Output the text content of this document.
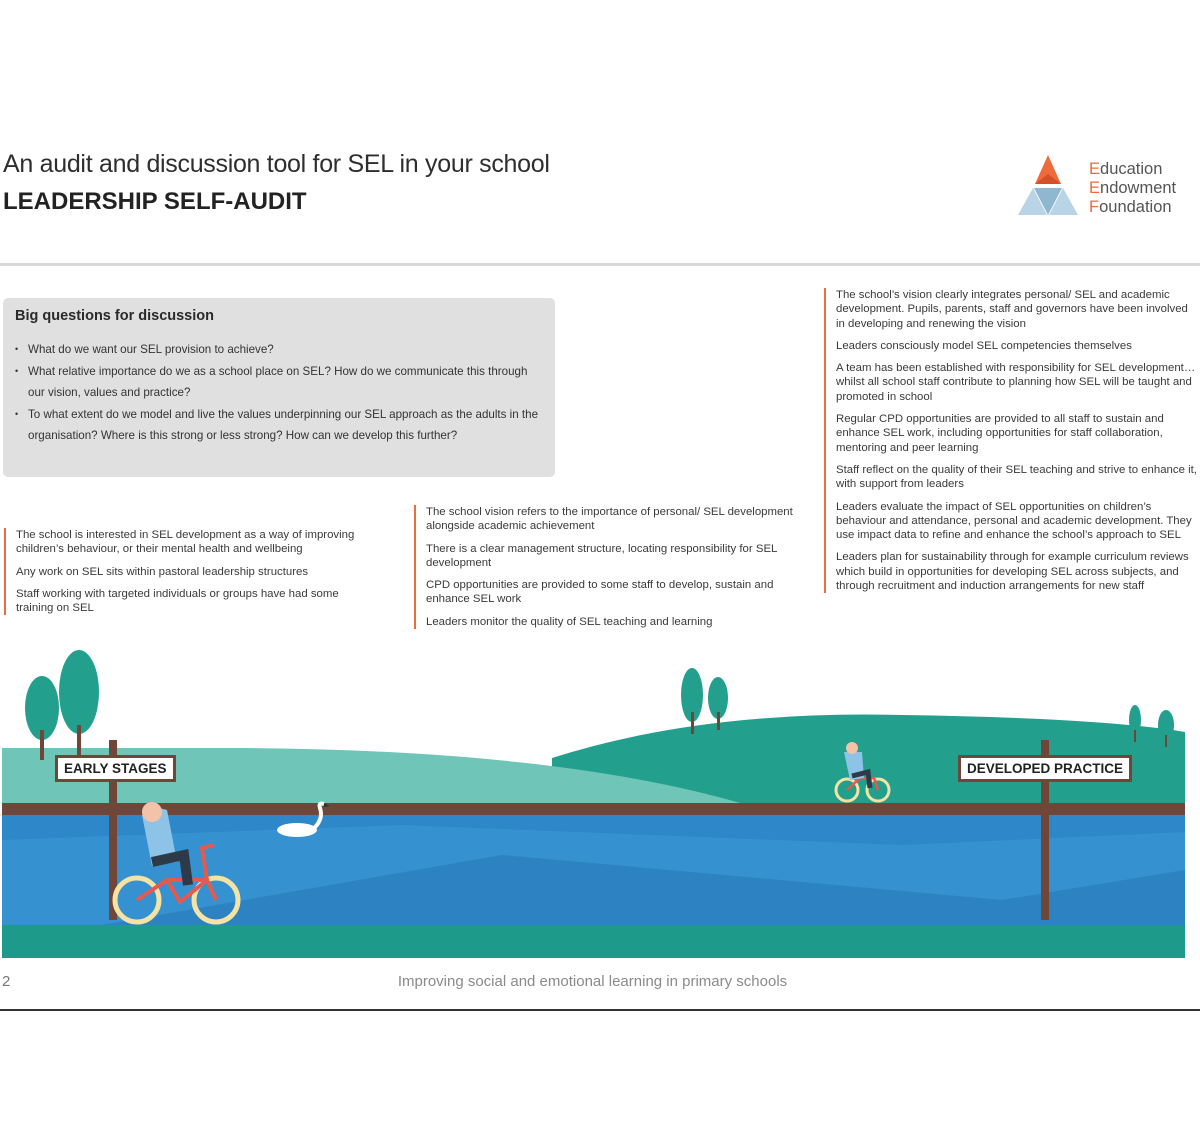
An audit and discussion tool for SEL in your school
LEADERSHIP SELF-AUDIT
Education
Endowment
Foundation
Big questions for discussion
• What do we want our SEL provision to achieve?
• What relative importance do we as a school place on SEL? How do we communicate this through our vision, values and practice?
• To what extent do we model and live the values underpinning our SEL approach as the adults in the organisation? Where is this strong or less strong? How can we develop this further?

The school is interested in SEL development as a way of improving children’s behaviour, or their mental health and wellbeing

Any work on SEL sits within pastoral leadership structures

Staff working with targeted individuals or groups have had some training on SEL

The school vision refers to the importance of personal/ SEL development alongside academic achievement

There is a clear management structure, locating responsibility for SEL development

CPD opportunities are provided to some staff to develop, sustain and enhance SEL work

Leaders monitor the quality of SEL teaching and learning

The school’s vision clearly integrates personal/ SEL and academic development. Pupils, parents, staff and governors have been involved in developing and renewing the vision

Leaders consciously model SEL competencies themselves

A team has been established with responsibility for SEL development… whilst all school staff contribute to planning how SEL will be taught and promoted in school

Regular CPD opportunities are provided to all staff to sustain and enhance SEL work, including opportunities for staff collaboration, mentoring and peer learning

Staff reflect on the quality of their SEL teaching and strive to enhance it, with support from leaders

Leaders evaluate the impact of SEL opportunities on children’s behaviour and attendance, personal and academic development. They use impact data to refine and enhance the school’s approach to SEL

Leaders plan for sustainability through for example curriculum reviews which build in opportunities for developing SEL across subjects, and through recruitment and induction arrangements for new staff

EARLY STAGES	DEVELOPED PRACTICE
2	Improving social and emotional learning in primary schools
